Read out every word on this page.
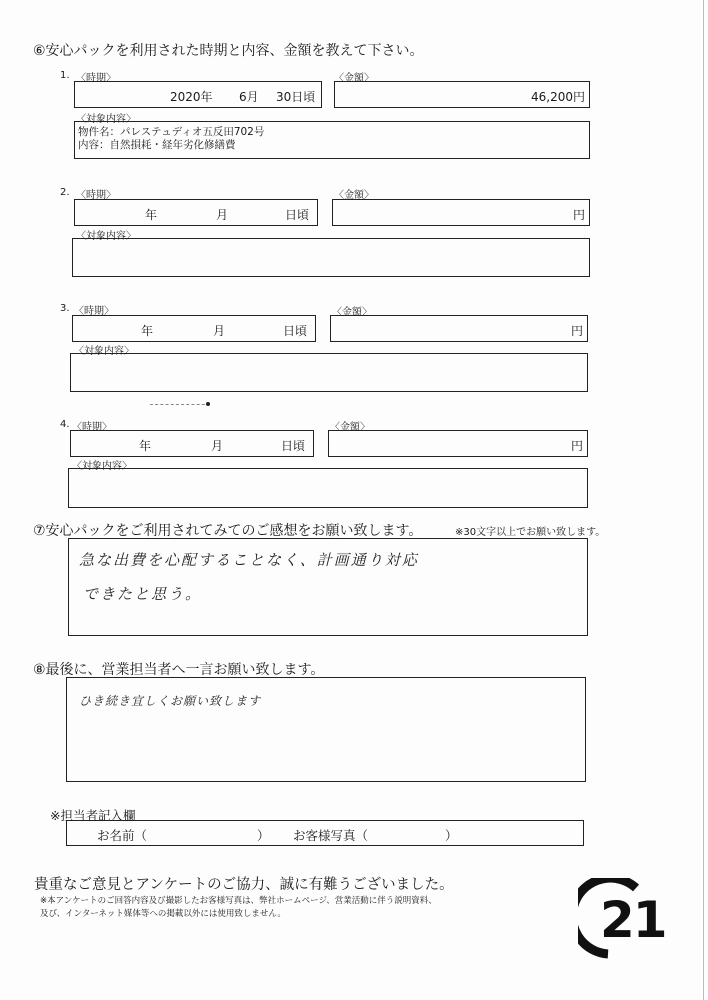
⑥安心パックを利用された時期と内容、金額を教えて下さい。
1. 〈時期〉	〈金額〉
2020年 6月 30日頃	46,200円
〈対象内容〉
物件名：パレステュディオ五反田702号
内容：自然損耗・経年劣化修繕費
2. 〈時期〉	〈金額〉
年	月	日頃	円
〈対象内容〉
3. 〈時期〉	〈金額〉
年	月	日頃	円
〈対象内容〉
4. 〈時期〉	〈金額〉
年	月	日頃	円
〈対象内容〉
⑦安心パックをご利用されてみてのご感想をお願い致します。	※30文字以上でお願い致します。
急な出費を心配することなく、計画通り対応
できたと思う。
⑧最後に、営業担当者へ一言お願い致します。
ひき続き宜しくお願い致します
※担当者記入欄
お名前（	） お客様写真（	）
貴重なご意見とアンケートのご協力、誠に有難うございました。
※本アンケートのご回答内容及び撮影したお客様写真は、弊社ホームページ、営業活動に伴う説明資料、
及び、インターネット媒体等への掲載以外には使用致しません。	21
